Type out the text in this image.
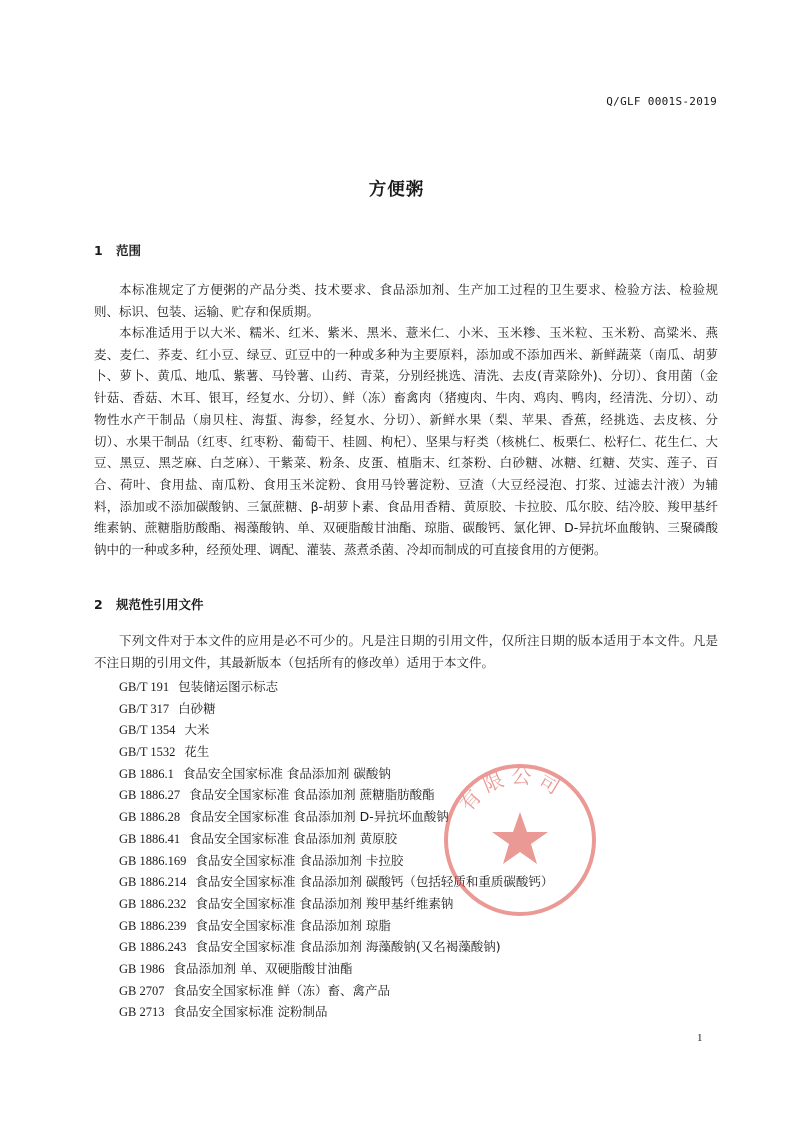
Q/GLF 0001S-2019
方便粥
1 范围

本标准规定了方便粥的产品分类、技术要求、食品添加剂、生产加工过程的卫生要求、检验方法、检验规则、标识、包装、运输、贮存和保质期。

本标准适用于以大米、糯米、红米、紫米、黑米、薏米仁、小米、玉米糁、玉米粒、玉米粉、高粱米、燕麦、麦仁、荞麦、红小豆、绿豆、豇豆中的一种或多种为主要原料，添加或不添加西米、新鲜蔬菜（南瓜、胡萝卜、萝卜、黄瓜、地瓜、紫薯、马铃薯、山药、青菜，分别经挑选、清洗、去皮(青菜除外)、分切）、食用菌（金针菇、香菇、木耳、银耳，经复水、分切）、鲜（冻）畜禽肉（猪瘦肉、牛肉、鸡肉、鸭肉，经清洗、分切）、动物性水产干制品（扇贝柱、海蜇、海参，经复水、分切）、新鲜水果（梨、苹果、香蕉，经挑选、去皮核、分切）、水果干制品（红枣、红枣粉、葡萄干、桂圆、枸杞）、坚果与籽类（核桃仁、板栗仁、松籽仁、花生仁、大豆、黑豆、黑芝麻、白芝麻）、干紫菜、粉条、皮蛋、植脂末、红茶粉、白砂糖、冰糖、红糖、芡实、莲子、百合、荷叶、食用盐、南瓜粉、食用玉米淀粉、食用马铃薯淀粉、豆渣（大豆经浸泡、打浆、过滤去汁液）为辅料，添加或不添加碳酸钠、三氯蔗糖、β-胡萝卜素、食品用香精、黄原胶、卡拉胶、瓜尔胶、结冷胶、羧甲基纤维素钠、蔗糖脂肪酸酯、褐藻酸钠、单、双硬脂酸甘油酯、琼脂、碳酸钙、氯化钾、D-异抗坏血酸钠、三聚磷酸钠中的一种或多种，经预处理、调配、灌装、蒸煮杀菌、冷却而制成的可直接食用的方便粥。

2 规范性引用文件

下列文件对于本文件的应用是必不可少的。凡是注日期的引用文件，仅所注日期的版本适用于本文件。凡是不注日期的引用文件，其最新版本（包括所有的修改单）适用于本文件。

GB/T 191 包装储运图示标志
GB/T 317 白砂糖
GB/T 1354 大米
GB/T 1532 花生
GB 1886.1 食品安全国家标准 食品添加剂 碳酸钠
GB 1886.27 食品安全国家标准 食品添加剂 蔗糖脂肪酸酯
GB 1886.28 食品安全国家标准 食品添加剂 D-异抗坏血酸钠
GB 1886.41 食品安全国家标准 食品添加剂 黄原胶
GB 1886.169 食品安全国家标准 食品添加剂 卡拉胶
GB 1886.214 食品安全国家标准 食品添加剂 碳酸钙（包括轻质和重质碳酸钙）
GB 1886.232 食品安全国家标准 食品添加剂 羧甲基纤维素钠
GB 1886.239 食品安全国家标准 食品添加剂 琼脂
GB 1886.243 食品安全国家标准 食品添加剂 海藻酸钠(又名褐藻酸钠)
GB 1986 食品添加剂 单、双硬脂酸甘油酯
GB 2707 食品安全国家标准 鲜（冻）畜、禽产品
GB 2713 食品安全国家标准 淀粉制品
有限公司
1
